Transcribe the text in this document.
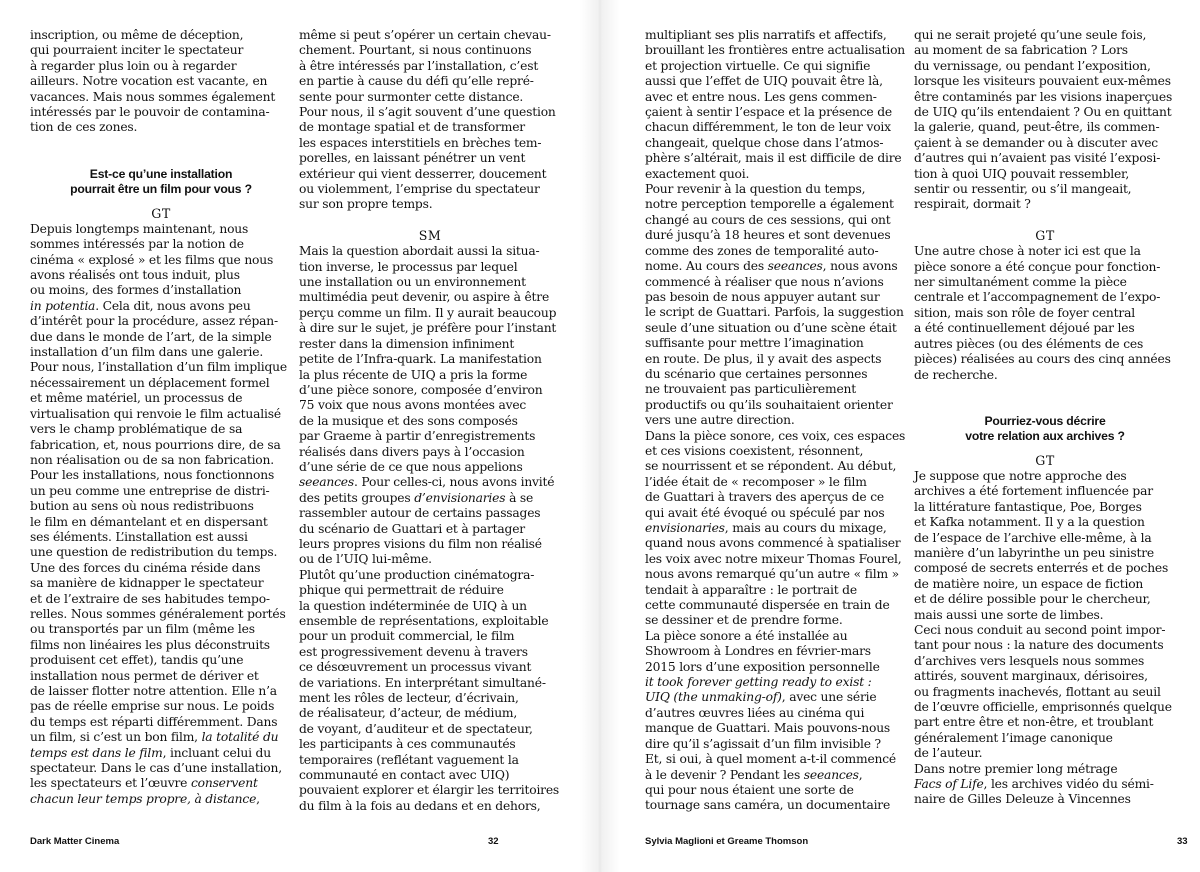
inscription, ou même de déception,
qui pourraient inciter le spectateur
à regarder plus loin ou à regarder
ailleurs. Notre vocation est vacante, en
vacances. Mais nous sommes également
intéressés par le pouvoir de contamina-
tion de ces zones.
Est-ce qu’une installation
pourrait être un film pour vous ?
GT
Depuis longtemps maintenant, nous
sommes intéressés par la notion de
cinéma « explosé » et les films que nous
avons réalisés ont tous induit, plus
ou moins, des formes d’installation
in potentia. Cela dit, nous avons peu
d’intérêt pour la procédure, assez répan-
due dans le monde de l’art, de la simple
installation d’un film dans une galerie.
Pour nous, l’installation d’un film implique
nécessairement un déplacement formel
et même matériel, un processus de
virtualisation qui renvoie le film actualisé
vers le champ problématique de sa
fabrication, et, nous pourrions dire, de sa
non réalisation ou de sa non fabrication.
Pour les installations, nous fonctionnons
un peu comme une entreprise de distri-
bution au sens où nous redistribuons
le film en démantelant et en dispersant
ses éléments. L’installation est aussi
une question de redistribution du temps.
Une des forces du cinéma réside dans
sa manière de kidnapper le spectateur
et de l’extraire de ses habitudes tempo-
relles. Nous sommes généralement portés
ou transportés par un film (même les
films non linéaires les plus déconstruits
produisent cet effet), tandis qu’une
installation nous permet de dériver et
de laisser flotter notre attention. Elle n’a
pas de réelle emprise sur nous. Le poids
du temps est réparti différemment. Dans
un film, si c’est un bon film, la totalité du
temps est dans le film, incluant celui du
spectateur. Dans le cas d’une installation,
les spectateurs et l’œuvre conservent
chacun leur temps propre, à distance,
même si peut s’opérer un certain chevau-
chement. Pourtant, si nous continuons
à être intéressés par l’installation, c’est
en partie à cause du défi qu’elle repré-
sente pour surmonter cette distance.
Pour nous, il s’agit souvent d’une question
de montage spatial et de transformer
les espaces interstitiels en brèches tem-
porelles, en laissant pénétrer un vent
extérieur qui vient desserrer, doucement
ou violemment, l’emprise du spectateur
sur son propre temps.
SM
Mais la question abordait aussi la situa-
tion inverse, le processus par lequel
une installation ou un environnement
multimédia peut devenir, ou aspire à être
perçu comme un film. Il y aurait beaucoup
à dire sur le sujet, je préfère pour l’instant
rester dans la dimension infiniment
petite de l’Infra-quark. La manifestation
la plus récente de UIQ a pris la forme
d’une pièce sonore, composée d’environ
75 voix que nous avons montées avec
de la musique et des sons composés
par Graeme à partir d’enregistrements
réalisés dans divers pays à l’occasion
d’une série de ce que nous appelions
seeances. Pour celles-ci, nous avons invité
des petits groupes d’envisionaries à se
rassembler autour de certains passages
du scénario de Guattari et à partager
leurs propres visions du film non réalisé
ou de l’UIQ lui-même.
Plutôt qu’une production cinématogra-
phique qui permettrait de réduire
la question indéterminée de UIQ à un
ensemble de représentations, exploitable
pour un produit commercial, le film
est progressivement devenu à travers
ce désœuvrement un processus vivant
de variations. En interprétant simultané-
ment les rôles de lecteur, d’écrivain,
de réalisateur, d’acteur, de médium,
de voyant, d’auditeur et de spectateur,
les participants à ces communautés
temporaires (reflétant vaguement la
communauté en contact avec UIQ)
pouvaient explorer et élargir les territoires
du film à la fois au dedans et en dehors,
Dark Matter Cinema	32
multipliant ses plis narratifs et affectifs,
brouillant les frontières entre actualisation
et projection virtuelle. Ce qui signifie
aussi que l’effet de UIQ pouvait être là,
avec et entre nous. Les gens commen-
çaient à sentir l’espace et la présence de
chacun différemment, le ton de leur voix
changeait, quelque chose dans l’atmos-
phère s’altérait, mais il est difficile de dire
exactement quoi.
Pour revenir à la question du temps,
notre perception temporelle a également
changé au cours de ces sessions, qui ont
duré jusqu’à 18 heures et sont devenues
comme des zones de temporalité auto-
nome. Au cours des seeances, nous avons
commencé à réaliser que nous n’avions
pas besoin de nous appuyer autant sur
le script de Guattari. Parfois, la suggestion
seule d’une situation ou d’une scène était
suffisante pour mettre l’imagination
en route. De plus, il y avait des aspects
du scénario que certaines personnes
ne trouvaient pas particulièrement
productifs ou qu’ils souhaitaient orienter
vers une autre direction.
Dans la pièce sonore, ces voix, ces espaces
et ces visions coexistent, résonnent,
se nourrissent et se répondent. Au début,
l’idée était de « recomposer » le film
de Guattari à travers des aperçus de ce
qui avait été évoqué ou spéculé par nos
envisionaries, mais au cours du mixage,
quand nous avons commencé à spatialiser
les voix avec notre mixeur Thomas Fourel,
nous avons remarqué qu’un autre « film »
tendait à apparaître : le portrait de
cette communauté dispersée en train de
se dessiner et de prendre forme.
La pièce sonore a été installée au
Showroom à Londres en février-mars
2015 lors d’une exposition personnelle
it took forever getting ready to exist :
UIQ (the unmaking-of), avec une série
d’autres œuvres liées au cinéma qui
manque de Guattari. Mais pouvons-nous
dire qu’il s’agissait d’un film invisible ?
Et, si oui, à quel moment a-t-il commencé
à le devenir ? Pendant les seeances,
qui pour nous étaient une sorte de
tournage sans caméra, un documentaire
qui ne serait projeté qu’une seule fois,
au moment de sa fabrication ? Lors
du vernissage, ou pendant l’exposition,
lorsque les visiteurs pouvaient eux-mêmes
être contaminés par les visions inaperçues
de UIQ qu’ils entendaient ? Ou en quittant
la galerie, quand, peut-être, ils commen-
çaient à se demander ou à discuter avec
d’autres qui n’avaient pas visité l’exposi-
tion à quoi UIQ pouvait ressembler,
sentir ou ressentir, ou s’il mangeait,
respirait, dormait ?
GT
Une autre chose à noter ici est que la
pièce sonore a été conçue pour fonction-
ner simultanément comme la pièce
centrale et l’accompagnement de l’expo-
sition, mais son rôle de foyer central
a été continuellement déjoué par les
autres pièces (ou des éléments de ces
pièces) réalisées au cours des cinq années
de recherche.
Pourriez-vous décrire
votre relation aux archives ?
GT
Je suppose que notre approche des
archives a été fortement influencée par
la littérature fantastique, Poe, Borges
et Kafka notamment. Il y a la question
de l’espace de l’archive elle-même, à la
manière d’un labyrinthe un peu sinistre
composé de secrets enterrés et de poches
de matière noire, un espace de fiction
et de délire possible pour le chercheur,
mais aussi une sorte de limbes.
Ceci nous conduit au second point impor-
tant pour nous : la nature des documents
d’archives vers lesquels nous sommes
attirés, souvent marginaux, dérisoires,
ou fragments inachevés, flottant au seuil
de l’œuvre officielle, emprisonnés quelque
part entre être et non-être, et troublant
généralement l’image canonique
de l’auteur.
Dans notre premier long métrage
Facs of Life, les archives vidéo du sémi-
naire de Gilles Deleuze à Vincennes
Sylvia Maglioni et Greame Thomson	33
